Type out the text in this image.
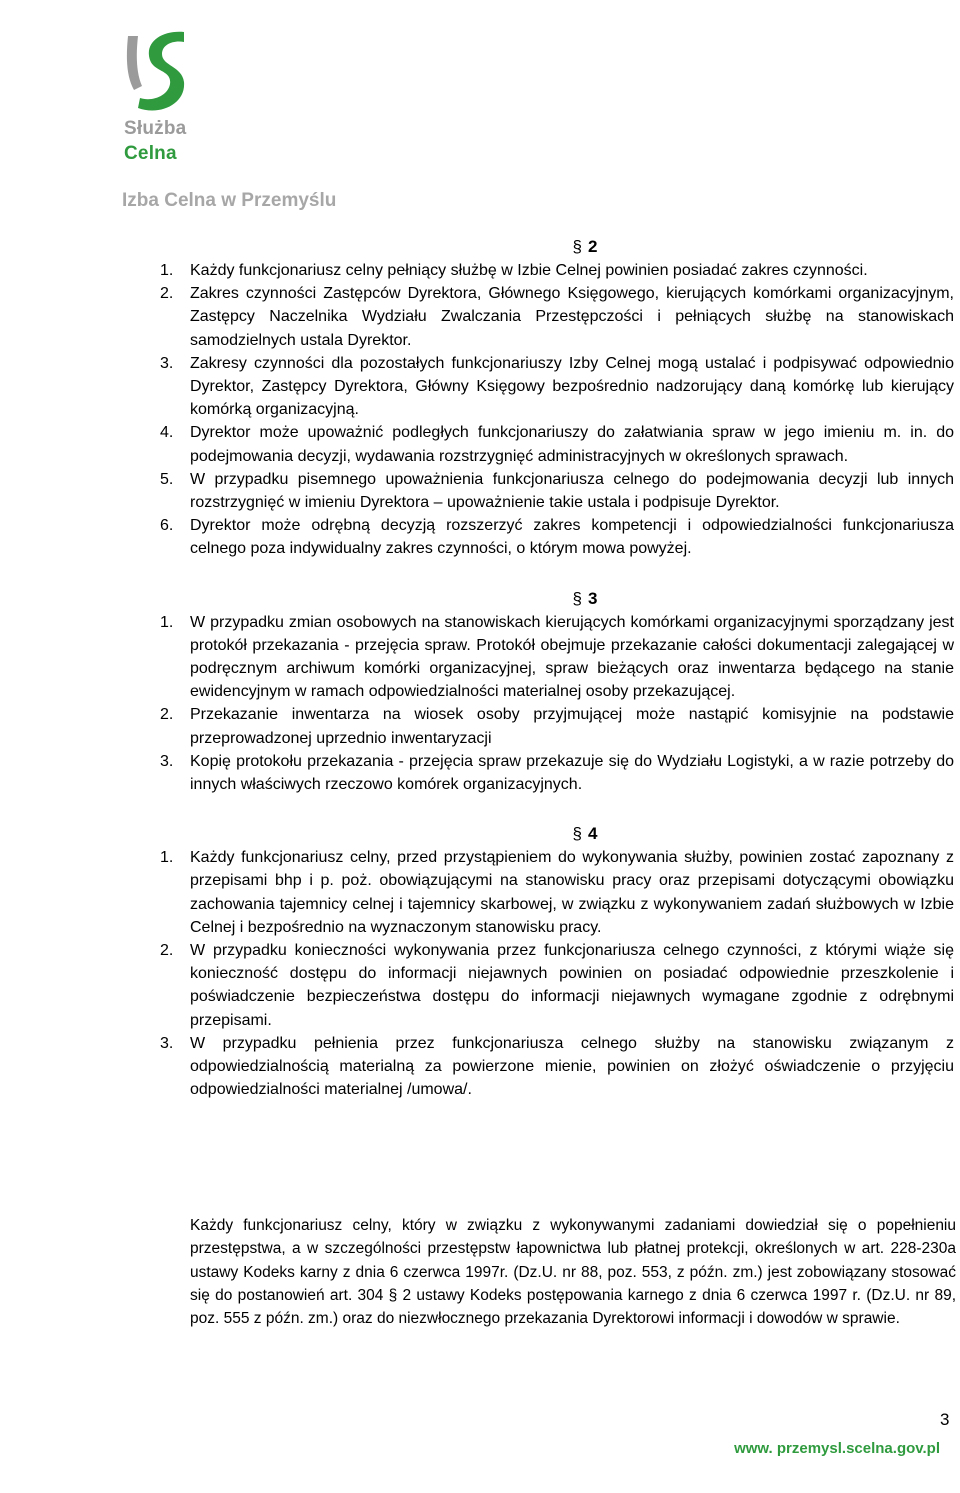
Służba
Celna
Izba Celna w Przemyślu
§ 2
1. Każdy funkcjonariusz celny pełniący służbę w Izbie Celnej powinien posiadać zakres czynności.
2. Zakres czynności Zastępców Dyrektora, Głównego Księgowego, kierujących komórkami organizacyjnym, Zastępcy Naczelnika Wydziału Zwalczania Przestępczości i pełniących służbę na stanowiskach samodzielnych ustala Dyrektor.
3. Zakresy czynności dla pozostałych funkcjonariuszy Izby Celnej mogą ustalać i podpisywać odpowiednio Dyrektor, Zastępcy Dyrektora, Główny Księgowy bezpośrednio nadzorujący daną komórkę lub kierujący komórką organizacyjną.
4. Dyrektor może upoważnić podległych funkcjonariuszy do załatwiania spraw w jego imieniu m. in. do podejmowania decyzji, wydawania rozstrzygnięć administracyjnych w określonych sprawach.
5. W przypadku pisemnego upoważnienia funkcjonariusza celnego do podejmowania decyzji lub innych rozstrzygnięć w imieniu Dyrektora – upoważnienie takie ustala i podpisuje Dyrektor.
6. Dyrektor może odrębną decyzją rozszerzyć zakres kompetencji i odpowiedzialności funkcjonariusza celnego poza indywidualny zakres czynności, o którym mowa powyżej.
§ 3
1. W przypadku zmian osobowych na stanowiskach kierujących komórkami organizacyjnymi sporządzany jest protokół przekazania - przejęcia spraw. Protokół obejmuje przekazanie całości dokumentacji zalegającej w podręcznym archiwum komórki organizacyjnej, spraw bieżących oraz inwentarza będącego na stanie ewidencyjnym w ramach odpowiedzialności materialnej osoby przekazującej.
2. Przekazanie inwentarza na wiosek osoby przyjmującej może nastąpić komisyjnie na podstawie przeprowadzonej uprzednio inwentaryzacji
3. Kopię protokołu przekazania - przejęcia spraw przekazuje się do Wydziału Logistyki, a w razie potrzeby do innych właściwych rzeczowo komórek organizacyjnych.
§ 4
1. Każdy funkcjonariusz celny, przed przystąpieniem do wykonywania służby, powinien zostać zapoznany z przepisami bhp i p. poż. obowiązującymi na stanowisku pracy oraz przepisami dotyczącymi obowiązku zachowania tajemnicy celnej i tajemnicy skarbowej, w związku z wykonywaniem zadań służbowych w Izbie Celnej i bezpośrednio na wyznaczonym stanowisku pracy.
2. W przypadku konieczności wykonywania przez funkcjonariusza celnego czynności, z którymi wiąże się konieczność dostępu do informacji niejawnych powinien on posiadać odpowiednie przeszkolenie i poświadczenie bezpieczeństwa dostępu do informacji niejawnych wymagane zgodnie z odrębnymi przepisami.
3. W przypadku pełnienia przez funkcjonariusza celnego służby na stanowisku związanym z odpowiedzialnością materialną za powierzone mienie, powinien on złożyć oświadczenie o przyjęciu odpowiedzialności materialnej /umowa/.
Każdy funkcjonariusz celny, który w związku z wykonywanymi zadaniami dowiedział się o popełnieniu przestępstwa, a w szczególności przestępstw łapownictwa lub płatnej protekcji, określonych w art. 228-230a ustawy Kodeks karny z dnia 6 czerwca 1997r. (Dz.U. nr 88, poz. 553, z późn. zm.) jest zobowiązany stosować się do postanowień art. 304 § 2 ustawy Kodeks postępowania karnego z dnia 6 czerwca 1997 r. (Dz.U. nr 89, poz. 555 z późn. zm.) oraz do niezwłocznego przekazania Dyrektorowi informacji i dowodów w sprawie.
3
www. przemysl.scelna.gov.pl
